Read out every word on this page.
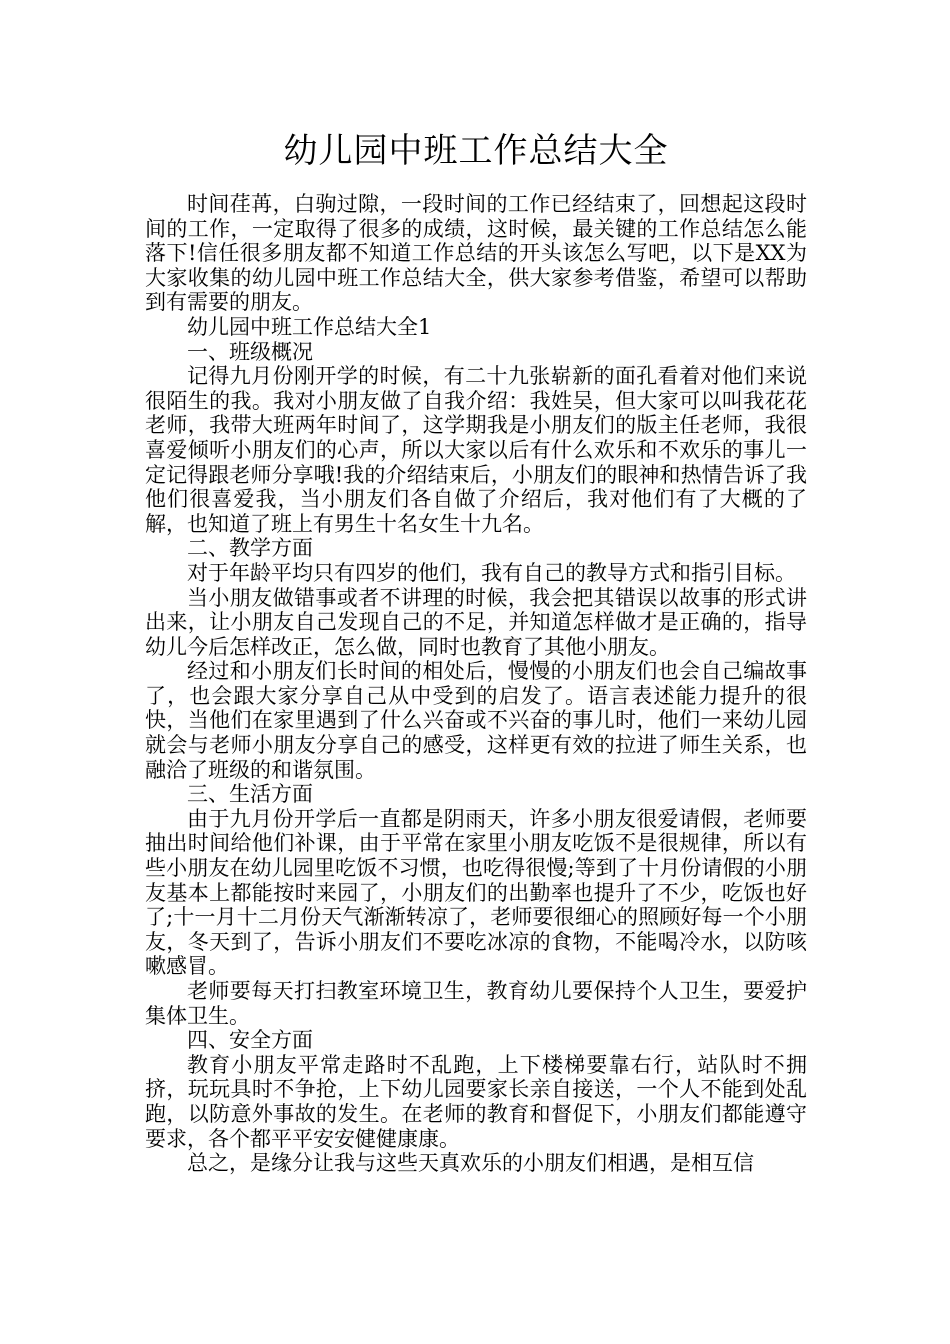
幼儿园中班工作总结大全

时间荏苒，白驹过隙，一段时间的工作已经结束了，回想起这段时间的工作，一定取得了很多的成绩，这时候，最关键的工作总结怎么能落下!信任很多朋友都不知道工作总结的开头该怎么写吧，以下是XX为大家收集的幼儿园中班工作总结大全，供大家参考借鉴，希望可以帮助到有需要的朋友。

幼儿园中班工作总结大全1

一、班级概况

记得九月份刚开学的时候，有二十九张崭新的面孔看着对他们来说很陌生的我。我对小朋友做了自我介绍：我姓吴，但大家可以叫我花花老师，我带大班两年时间了，这学期我是小朋友们的版主任老师，我很喜爱倾听小朋友们的心声，所以大家以后有什么欢乐和不欢乐的事儿一定记得跟老师分享哦!我的介绍结束后，小朋友们的眼神和热情告诉了我他们很喜爱我，当小朋友们各自做了介绍后，我对他们有了大概的了解，也知道了班上有男生十名女生十九名。

二、教学方面

对于年龄平均只有四岁的他们，我有自己的教导方式和指引目标。

当小朋友做错事或者不讲理的时候，我会把其错误以故事的形式讲出来，让小朋友自己发现自己的不足，并知道怎样做才是正确的，指导幼儿今后怎样改正，怎么做，同时也教育了其他小朋友。

经过和小朋友们长时间的相处后，慢慢的小朋友们也会自己编故事了，也会跟大家分享自己从中受到的启发了。语言表述能力提升的很快，当他们在家里遇到了什么兴奋或不兴奋的事儿时，他们一来幼儿园就会与老师小朋友分享自己的感受，这样更有效的拉进了师生关系，也融洽了班级的和谐氛围。

三、生活方面

由于九月份开学后一直都是阴雨天，许多小朋友很爱请假，老师要抽出时间给他们补课，由于平常在家里小朋友吃饭不是很规律，所以有些小朋友在幼儿园里吃饭不习惯，也吃得很慢;等到了十月份请假的小朋友基本上都能按时来园了，小朋友们的出勤率也提升了不少，吃饭也好了;十一月十二月份天气渐渐转凉了，老师要很细心的照顾好每一个小朋友，冬天到了，告诉小朋友们不要吃冰凉的食物，不能喝冷水，以防咳嗽感冒。

老师要每天打扫教室环境卫生，教育幼儿要保持个人卫生，要爱护集体卫生。

四、安全方面

教育小朋友平常走路时不乱跑，上下楼梯要靠右行，站队时不拥挤，玩玩具时不争抢，上下幼儿园要家长亲自接送，一个人不能到处乱跑，以防意外事故的发生。在老师的教育和督促下，小朋友们都能遵守要求，各个都平平安安健健康康。

总之，是缘分让我与这些天真欢乐的小朋友们相遇，是相互信
